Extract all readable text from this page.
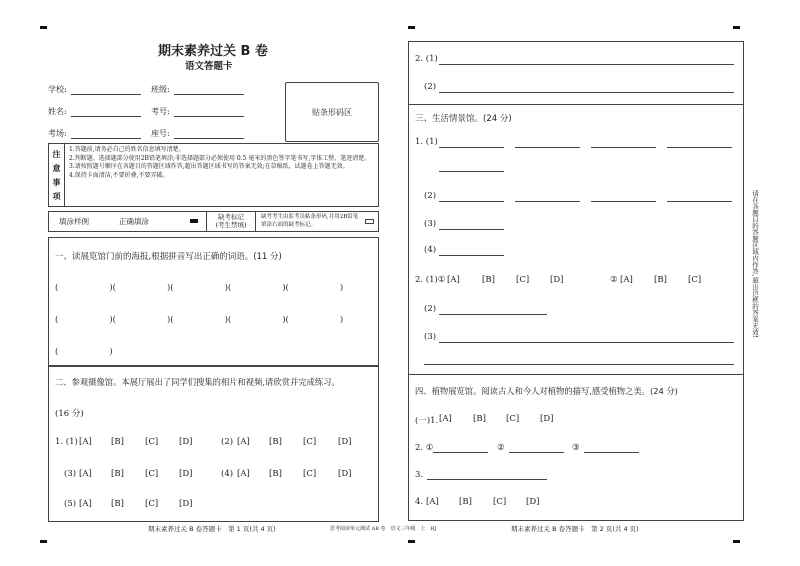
期末素养过关 B 卷
语文答题卡
学校:	班级:
姓名:	考号:
考场:	座号:
贴条形码区
注
意
事
项
1.答题前,请务必自己的姓名信息填写清楚。
2.判断题、选择题部分使用2B铅笔填涂;非选择题部分必须使用 0.5 毫米的黑色签字笔书写,字体工整、笔迹清楚。
3.请按照题号顺序在各题目的答题区域作答,超出答题区域书写的答案无效;在草稿纸、试题卷上答题无效。
4.保持卡面清洁,不要折叠,不要弄破。
填涂样例	正确填涂	缺考标记
(考生禁填)
缺考考生由监考员粘条形码,并用2B铅笔填涂右面的缺考标记。
一、读展览馆门前的海报,根据拼音写出正确的词语。(11 分)
(　　　　　　)(　　　　　　)(　　　　　　)(　　　　　　)(　　　　　　)
(　　　　　　)(　　　　　　)(　　　　　　)(　　　　　　)(　　　　　　)
(　　　　　　)
二、参观摄像馆。本展厅展出了同学们搜集的相片和视频,请欣赏并完成练习。
(16 分)
1. (1) [A] [B] [C] [D]	(2) [A] [B] [C]	[D]
(3) [A] [B] [C] [D]	(4) [A] [B] [C]	[D]
(5) [A] [B] [C] [D]
期末素养过关 B 卷答题卡　第 1 页(共 4 页)	思考阅读单元测试 AB 卷　语文三年级　上　RJ
2. (1)
(2)
三、生活情景馆。(24 分)
1. (1)
(2)
(3)
(4)
2. (1)① [A]	[B] [C] [D]	② [A] [B] [C]
(2)
(3)
四、植物展览馆。阅读古人和今人对植物的描写,感受植物之美。(24 分)
(一)1. [A] [B] [C] [D]
2. ①	②	③
3.
4. [A] [B] [C] [D]
期末素养过关 B 卷答题卡　第 2 页(共 4 页)
请在各题目的答题区域内作答,超出边框的答案无效!
